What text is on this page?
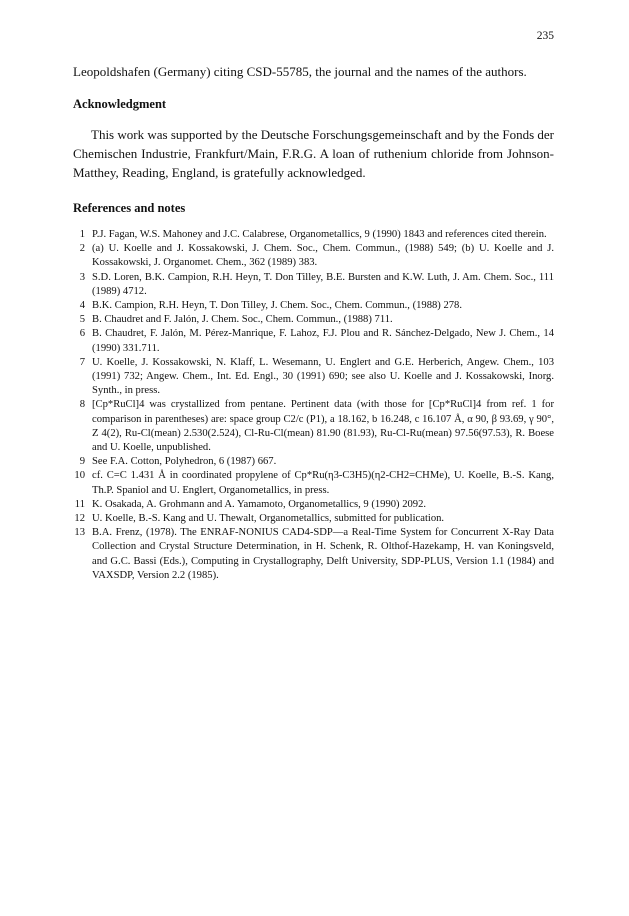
235

Leopoldshafen (Germany) citing CSD-55785, the journal and the names of the authors.

Acknowledgment

This work was supported by the Deutsche Forschungsgemeinschaft and by the Fonds der Chemischen Industrie, Frankfurt/Main, F.R.G. A loan of ruthenium chloride from Johnson-Matthey, Reading, England, is gratefully acknowledged.

References and notes
1 P.J. Fagan, W.S. Mahoney and J.C. Calabrese, Organometallics, 9 (1990) 1843 and references cited therein.
2 (a) U. Koelle and J. Kossakowski, J. Chem. Soc., Chem. Commun., (1988) 549; (b) U. Koelle and J. Kossakowski, J. Organomet. Chem., 362 (1989) 383.
3 S.D. Loren, B.K. Campion, R.H. Heyn, T. Don Tilley, B.E. Bursten and K.W. Luth, J. Am. Chem. Soc., 111 (1989) 4712.
4 B.K. Campion, R.H. Heyn, T. Don Tilley, J. Chem. Soc., Chem. Commun., (1988) 278.
5 B. Chaudret and F. Jalón, J. Chem. Soc., Chem. Commun., (1988) 711.
6 B. Chaudret, F. Jalón, M. Pérez-Manrique, F. Lahoz, F.J. Plou and R. Sánchez-Delgado, New J. Chem., 14 (1990) 331.711.
7 U. Koelle, J. Kossakowski, N. Klaff, L. Wesemann, U. Englert and G.E. Herberich, Angew. Chem., 103 (1991) 732; Angew. Chem., Int. Ed. Engl., 30 (1991) 690; see also U. Koelle and J. Kossakowski, Inorg. Synth., in press.
8 [Cp*RuCl]4 was crystallized from pentane. Pertinent data (with those for [Cp*RuCl]4 from ref. 1 for comparison in parentheses) are: space group C2/c (P1), a 18.162, b 16.248, c 16.107 Å, α 90, β 93.69, γ 90°, Z 4(2), Ru-Cl(mean) 2.530(2.524), Cl-Ru-Cl(mean) 81.90 (81.93), Ru-Cl-Ru(mean) 97.56(97.53), R. Boese and U. Koelle, unpublished.
9 See F.A. Cotton, Polyhedron, 6 (1987) 667.
10 cf. C=C 1.431 Å in coordinated propylene of Cp*Ru(η3-C3H5)(η2-CH2=CHMe), U. Koelle, B.-S. Kang, Th.P. Spaniol and U. Englert, Organometallics, in press.
11 K. Osakada, A. Grohmann and A. Yamamoto, Organometallics, 9 (1990) 2092.
12 U. Koelle, B.-S. Kang and U. Thewalt, Organometallics, submitted for publication.
13 B.A. Frenz, (1978). The ENRAF-NONIUS CAD4-SDP—a Real-Time System for Concurrent X-Ray Data Collection and Crystal Structure Determination, in H. Schenk, R. Olthof-Hazekamp, H. van Koningsveld, and G.C. Bassi (Eds.), Computing in Crystallography, Delft University, SDP-PLUS, Version 1.1 (1984) and VAXSDP, Version 2.2 (1985).
